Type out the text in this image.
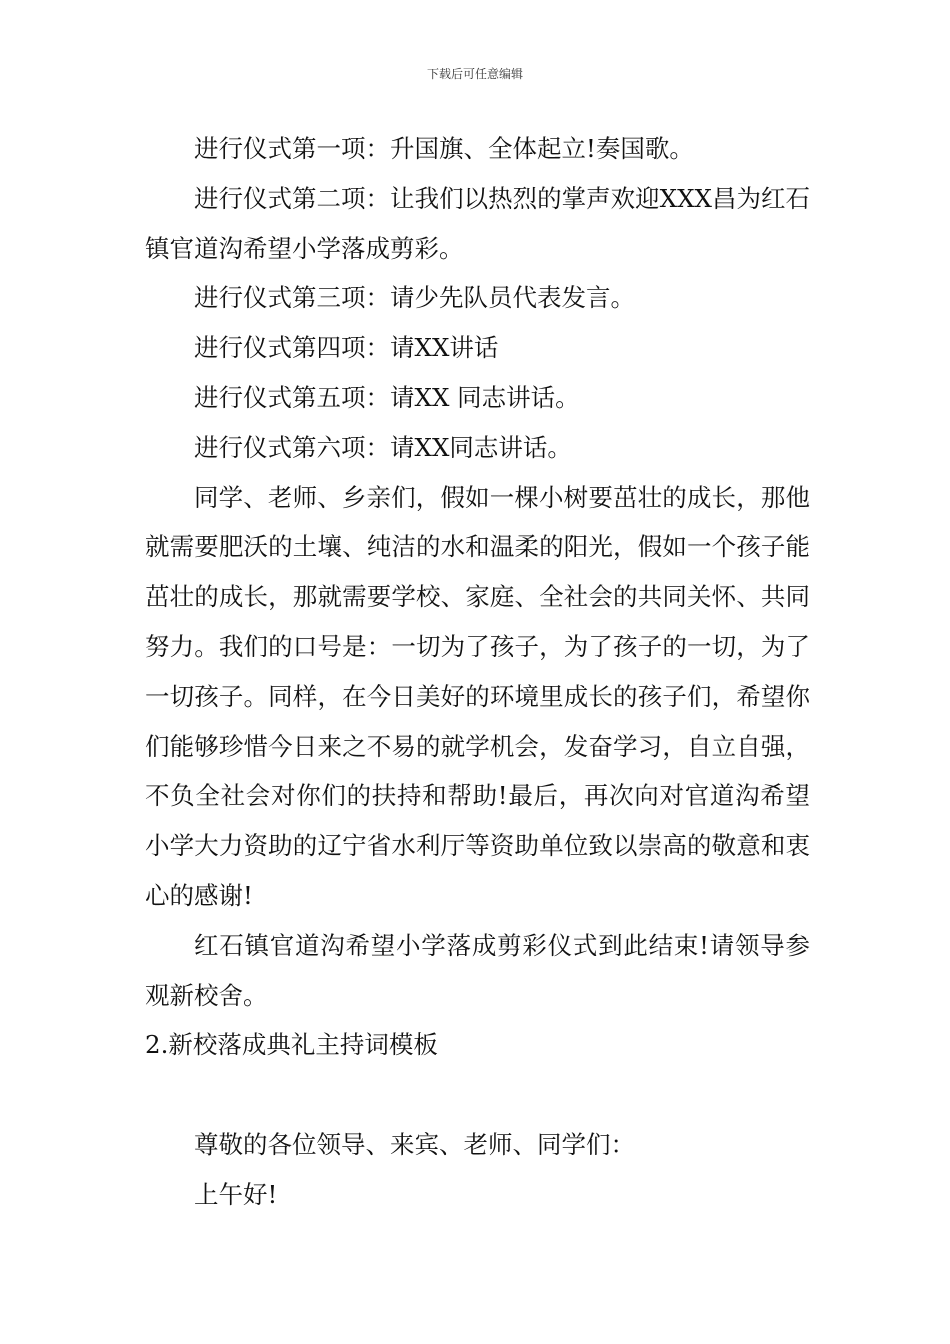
下载后可任意编辑

进行仪式第一项：升国旗、全体起立!奏国歌。

进行仪式第二项：让我们以热烈的掌声欢迎XXX昌为红石镇官道沟希望小学落成剪彩。

进行仪式第三项：请少先队员代表发言。

进行仪式第四项：请XX讲话

进行仪式第五项：请XX 同志讲话。

进行仪式第六项：请XX同志讲话。

同学、老师、乡亲们，假如一棵小树要茁壮的成长，那他就需要肥沃的土壤、纯洁的水和温柔的阳光，假如一个孩子能茁壮的成长，那就需要学校、家庭、全社会的共同关怀、共同努力。我们的口号是：一切为了孩子，为了孩子的一切，为了一切孩子。同样，在今日美好的环境里成长的孩子们，希望你们能够珍惜今日来之不易的就学机会，发奋学习，自立自强，不负全社会对你们的扶持和帮助!最后，再次向对官道沟希望小学大力资助的辽宁省水利厅等资助单位致以崇高的敬意和衷心的感谢!

红石镇官道沟希望小学落成剪彩仪式到此结束!请领导参观新校舍。

2.新校落成典礼主持词模板

尊敬的各位领导、来宾、老师、同学们：

上午好!
